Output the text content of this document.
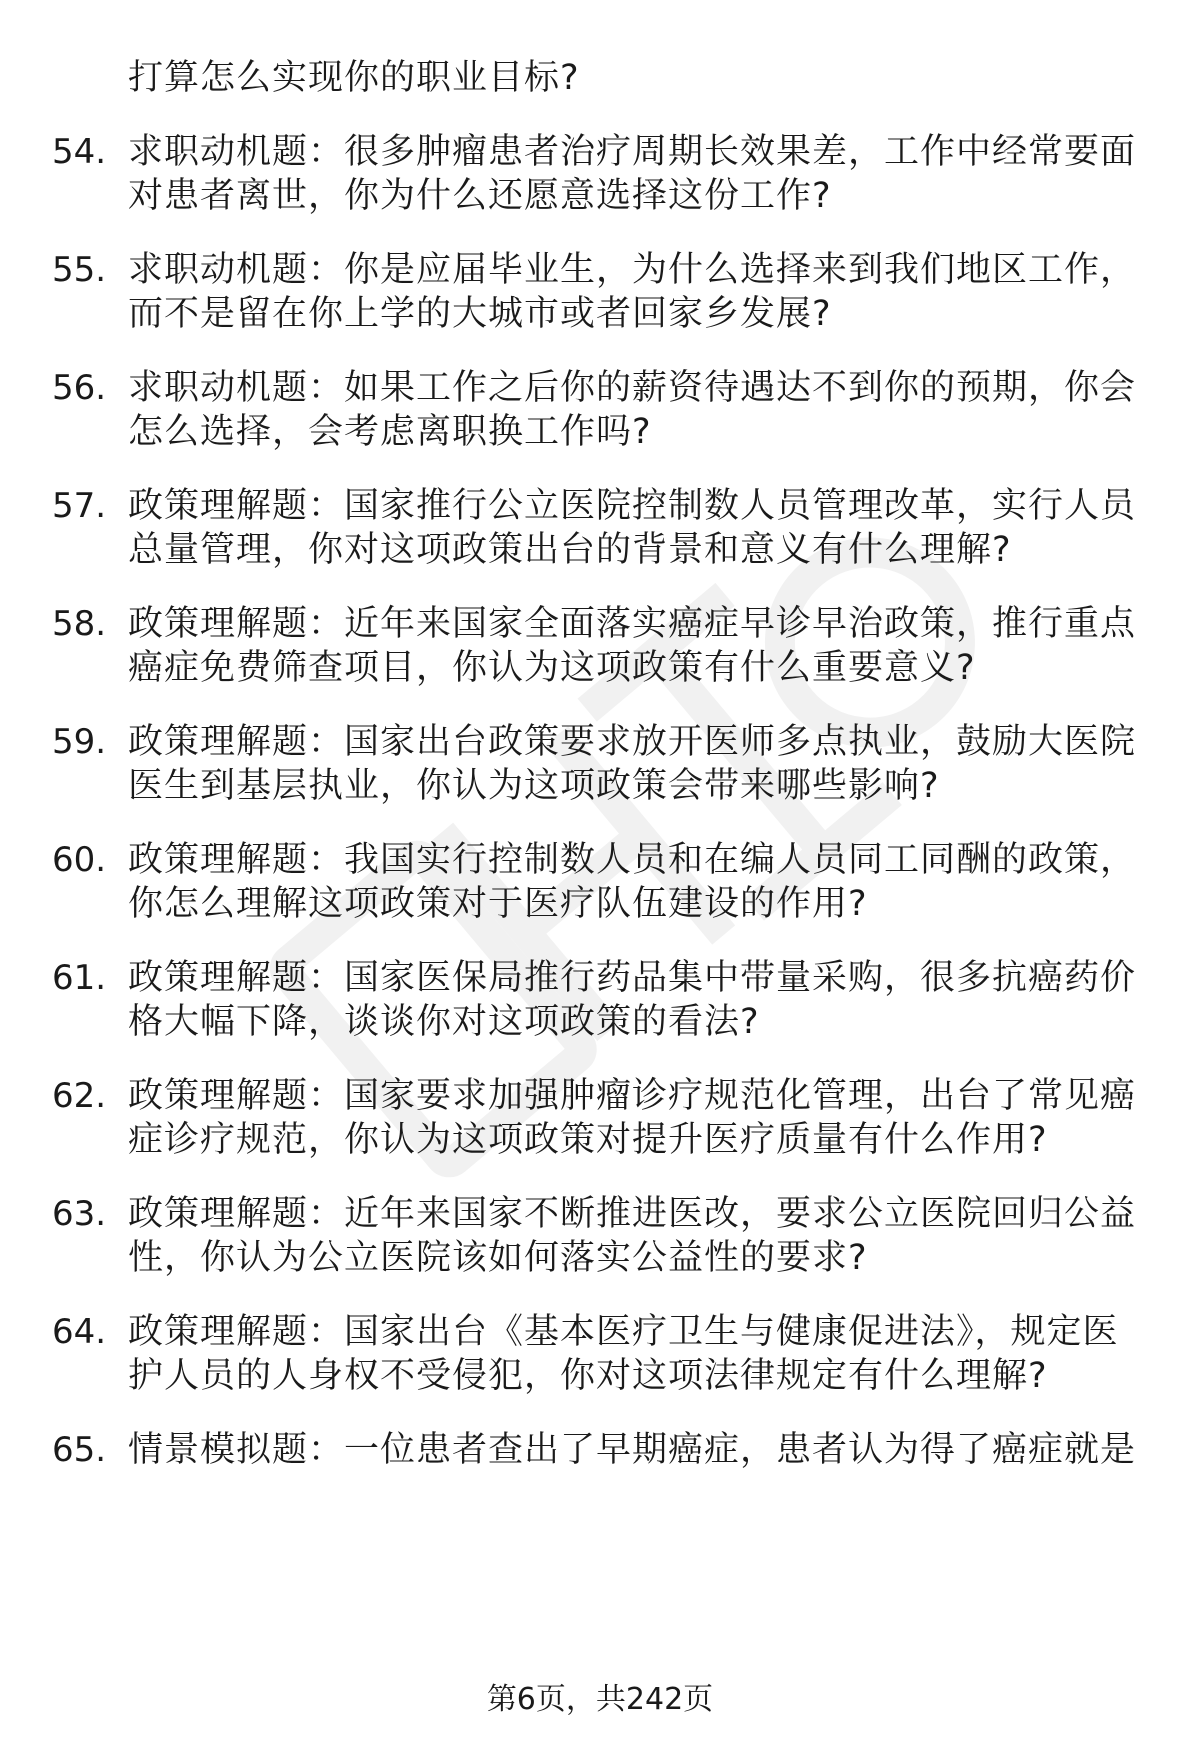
打算怎么实现你的职业目标?
54. 求职动机题：很多肿瘤患者治疗周期长效果差，工作中经常要面
对患者离世，你为什么还愿意选择这份工作?
55. 求职动机题：你是应届毕业生，为什么选择来到我们地区工作，
而不是留在你上学的大城市或者回家乡发展?
56. 求职动机题：如果工作之后你的薪资待遇达不到你的预期，你会
怎么选择，会考虑离职换工作吗?
57. 政策理解题：国家推行公立医院控制数人员管理改革，实行人员
总量管理，你对这项政策出台的背景和意义有什么理解?
58. 政策理解题：近年来国家全面落实癌症早诊早治政策，推行重点
癌症免费筛查项目，你认为这项政策有什么重要意义?
59. 政策理解题：国家出台政策要求放开医师多点执业，鼓励大医院
医生到基层执业，你认为这项政策会带来哪些影响?
60. 政策理解题：我国实行控制数人员和在编人员同工同酬的政策，
你怎么理解这项政策对于医疗队伍建设的作用?
61. 政策理解题：国家医保局推行药品集中带量采购，很多抗癌药价
格大幅下降，谈谈你对这项政策的看法?
62. 政策理解题：国家要求加强肿瘤诊疗规范化管理，出台了常见癌
症诊疗规范，你认为这项政策对提升医疗质量有什么作用?
63. 政策理解题：近年来国家不断推进医改，要求公立医院回归公益
性，你认为公立医院该如何落实公益性的要求?
64. 政策理解题：国家出台《基本医疗卫生与健康促进法》，规定医
护人员的人身权不受侵犯，你对这项法律规定有什么理解?
65. 情景模拟题：一位患者查出了早期癌症，患者认为得了癌症就是
第6页，共242页
